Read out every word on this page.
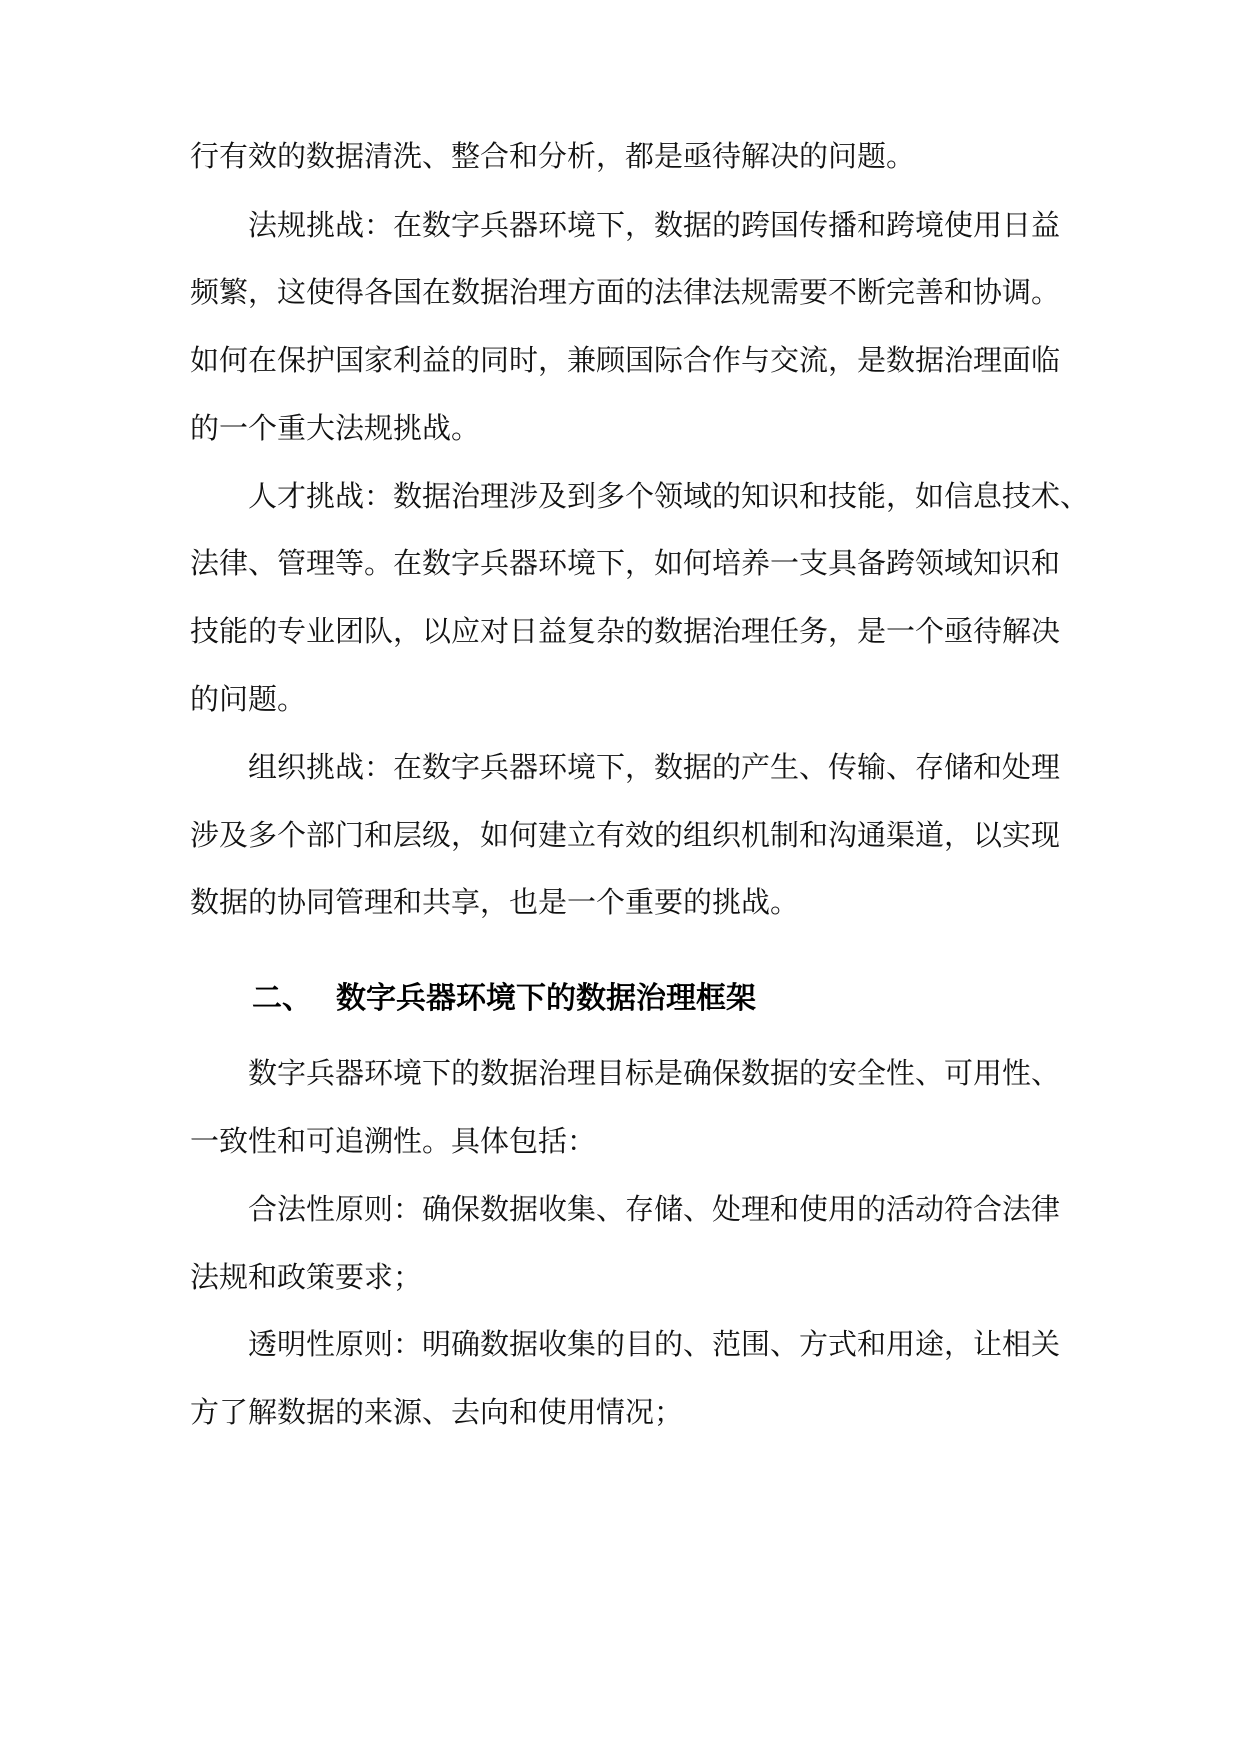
行有效的数据清洗、整合和分析，都是亟待解决的问题。
法规挑战：在数字兵器环境下，数据的跨国传播和跨境使用日益
频繁，这使得各国在数据治理方面的法律法规需要不断完善和协调。
如何在保护国家利益的同时，兼顾国际合作与交流，是数据治理面临
的一个重大法规挑战。
人才挑战：数据治理涉及到多个领域的知识和技能，如信息技术、
法律、管理等。在数字兵器环境下，如何培养一支具备跨领域知识和
技能的专业团队，以应对日益复杂的数据治理任务，是一个亟待解决
的问题。
组织挑战：在数字兵器环境下，数据的产生、传输、存储和处理
涉及多个部门和层级，如何建立有效的组织机制和沟通渠道，以实现
数据的协同管理和共享，也是一个重要的挑战。
二、 数字兵器环境下的数据治理框架
数字兵器环境下的数据治理目标是确保数据的安全性、可用性、
一致性和可追溯性。具体包括：
合法性原则：确保数据收集、存储、处理和使用的活动符合法律
法规和政策要求；
透明性原则：明确数据收集的目的、范围、方式和用途，让相关
方了解数据的来源、去向和使用情况；
